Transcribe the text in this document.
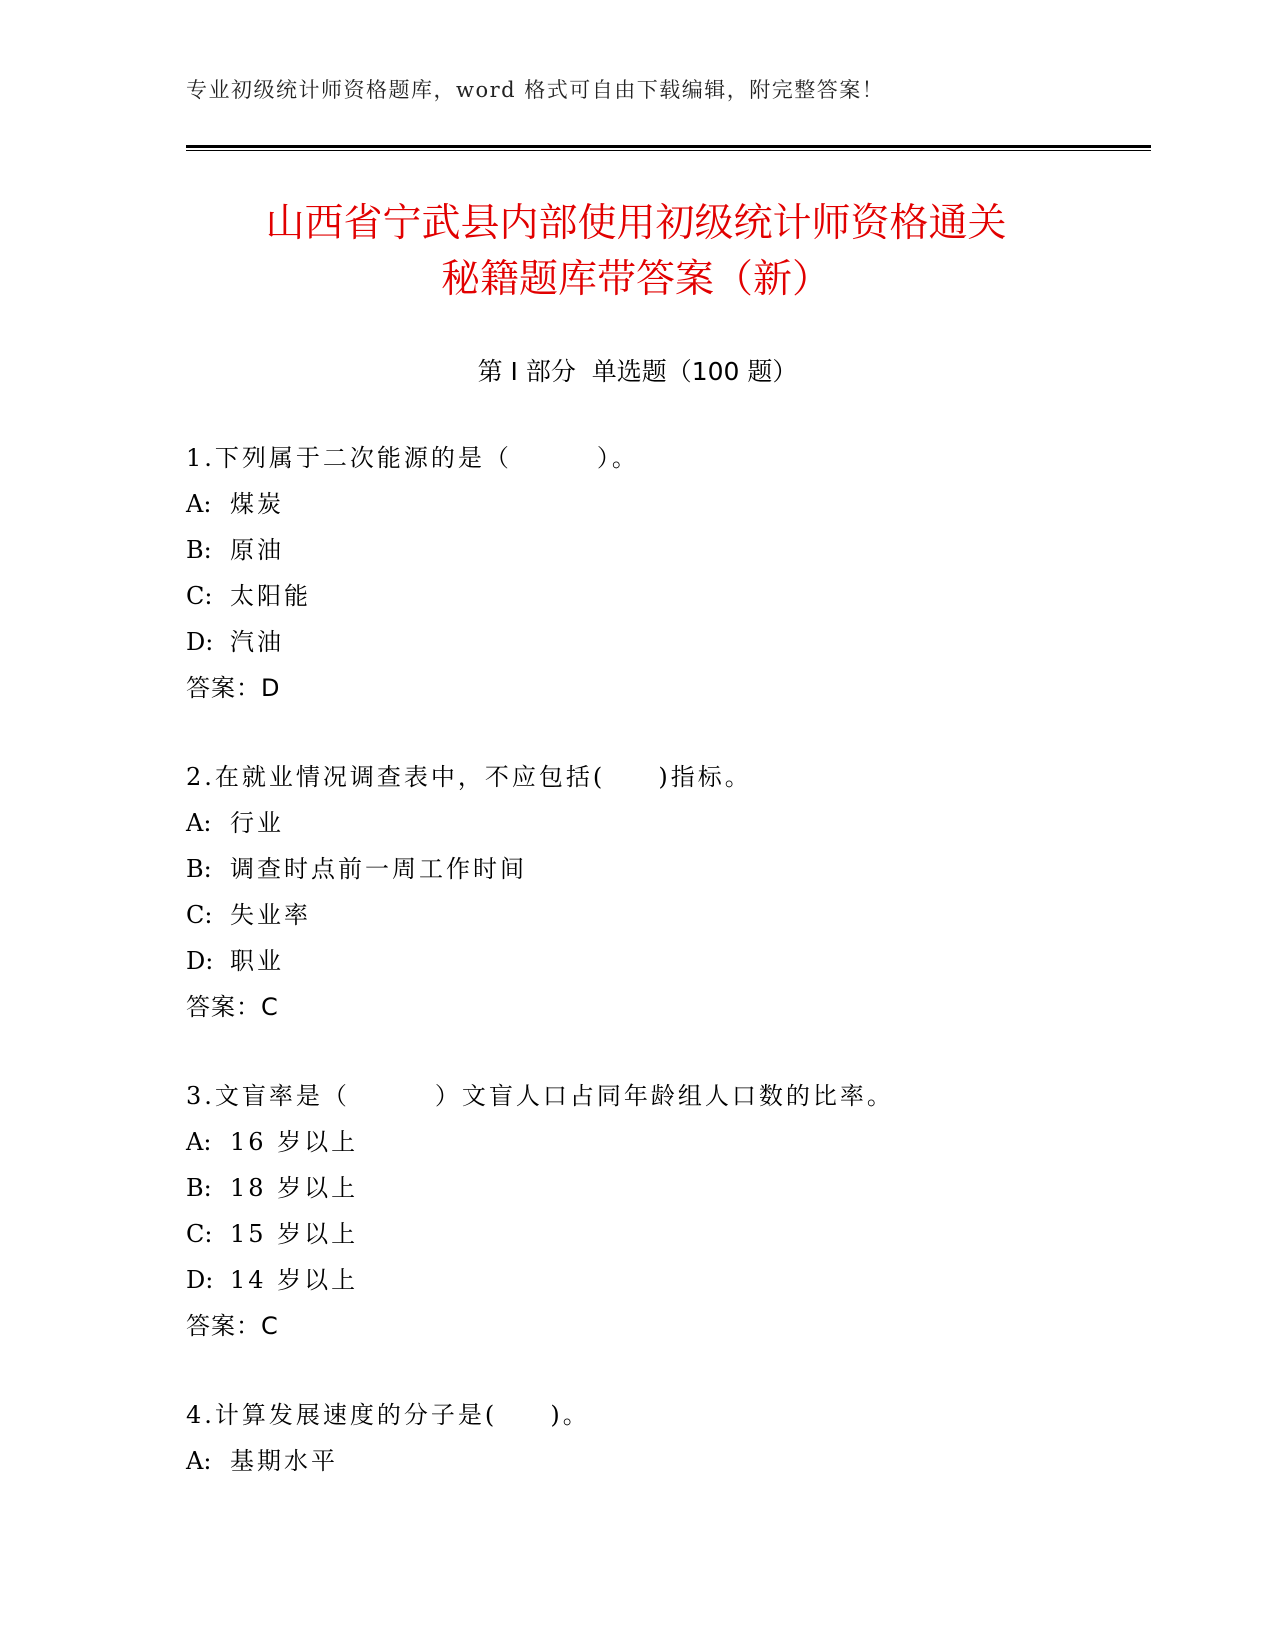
专业初级统计师资格题库，word 格式可自由下载编辑，附完整答案！
山西省宁武县内部使用初级统计师资格通关
秘籍题库带答案（新）
第 I 部分  单选题（100 题）
1.下列属于二次能源的是（        ）。
A: 煤炭
B: 原油
C: 太阳能
D: 汽油
答案：D
2.在就业情况调查表中，不应包括(     )指标。
A: 行业
B: 调查时点前一周工作时间
C: 失业率
D: 职业
答案：C
3.文盲率是（        ）文盲人口占同年龄组人口数的比率。
A: 16 岁以上
B: 18 岁以上
C: 15 岁以上
D: 14 岁以上
答案：C
4.计算发展速度的分子是(     )。
A: 基期水平
